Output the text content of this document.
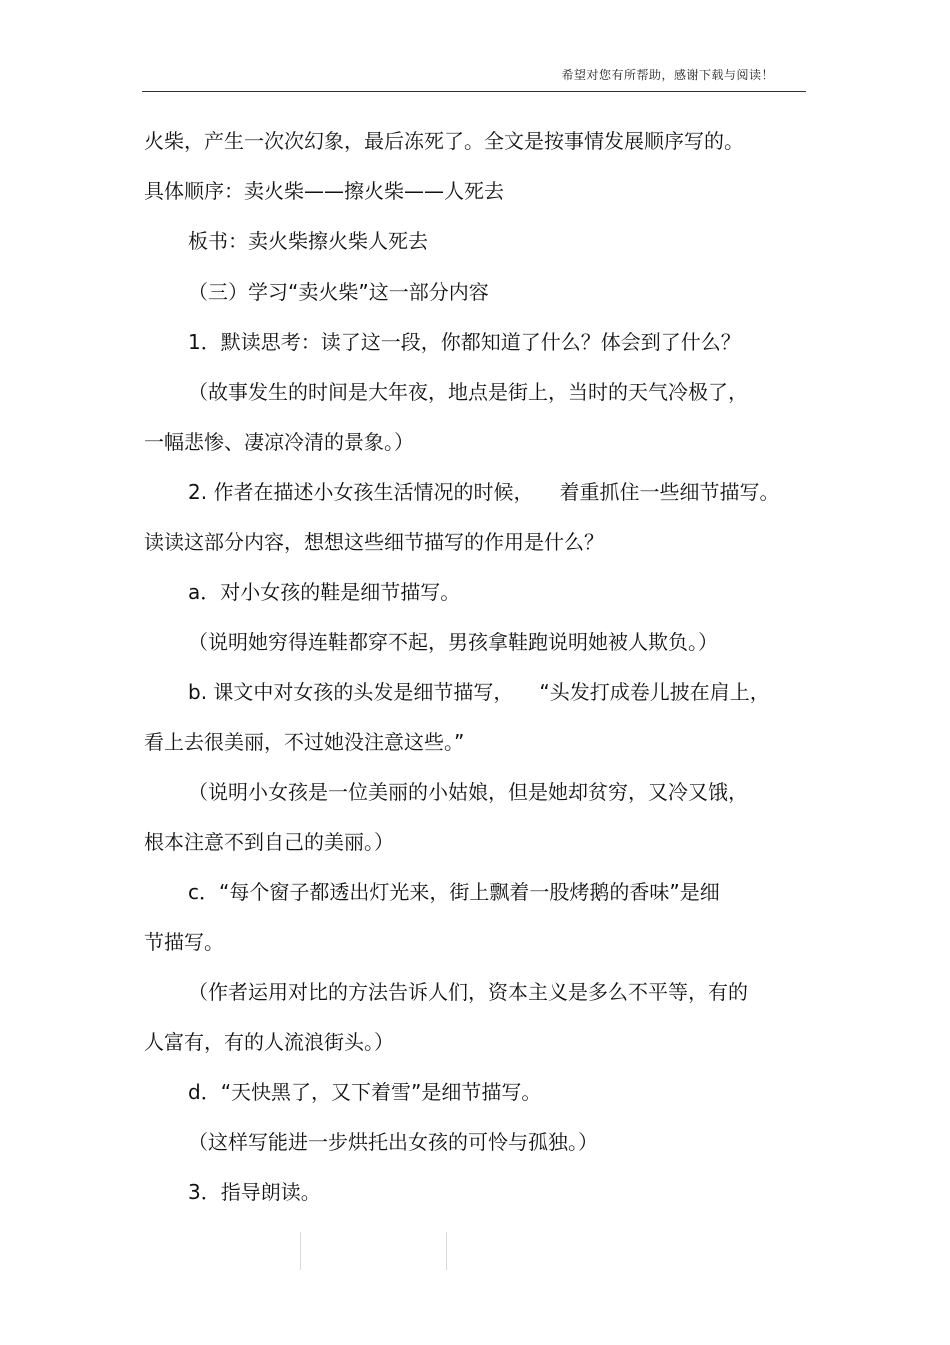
希望对您有所帮助，感谢下载与阅读！
火柴，产生一次次幻象，最后冻死了。全文是按事情发展顺序写的。
具体顺序：卖火柴——擦火柴——人死去
板书：卖火柴擦火柴人死去
（三）学习“卖火柴”这一部分内容
1．默读思考：读了这一段，你都知道了什么？体会到了什么？
（故事发生的时间是大年夜，地点是街上，当时的天气冷极了，
一幅悲惨、凄凉冷清的景象。）
2. 作者在描述小女孩生活情况的时候， 着重抓住一些细节描写。
读读这部分内容，想想这些细节描写的作用是什么？
a．对小女孩的鞋是细节描写。
（说明她穷得连鞋都穿不起，男孩拿鞋跑说明她被人欺负。）
b. 课文中对女孩的头发是细节描写， “头发打成卷儿披在肩上，
看上去很美丽，不过她没注意这些。”
（说明小女孩是一位美丽的小姑娘，但是她却贫穷，又冷又饿，
根本注意不到自己的美丽。）
c．“每个窗子都透出灯光来，街上飘着一股烤鹅的香味”是细
节描写。
（作者运用对比的方法告诉人们，资本主义是多么不平等，有的
人富有，有的人流浪街头。）
d．“天快黑了，又下着雪”是细节描写。
（这样写能进一步烘托出女孩的可怜与孤独。）
3．指导朗读。
